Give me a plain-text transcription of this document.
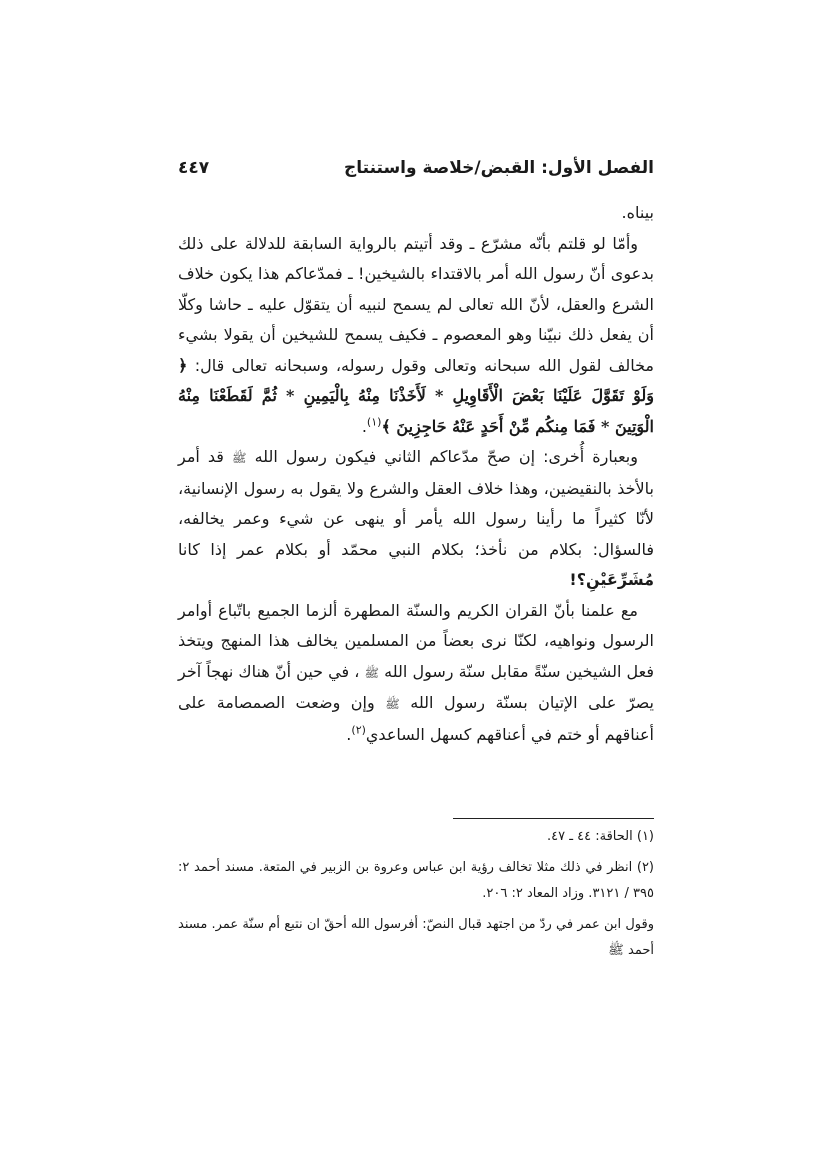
الفصل الأول: القبض/خلاصة واستنتاج
٤٤٧

بيناه.

وأمّا لو قلتم بأنّه مشرّع ـ وقد أتيتم بالرواية السابقة للدلالة على ذلك بدعوى أنّ رسول الله أمر بالاقتداء بالشيخين! ـ فمدّعاكم هذا يكون خلاف الشرع والعقل، لأنّ الله تعالى لم يسمح لنبيه أن يتقوّل عليه ـ حاشا وكلّا أن يفعل ذلك نبيّنا وهو المعصوم ـ فكيف يسمح للشيخين أن يقولا بشيء مخالف لقول الله سبحانه وتعالى وقول رسوله، وسبحانه تعالى قال: ﴿ وَلَوْ تَقَوَّلَ عَلَيْنَا بَعْضَ الْأَقَاوِيلِ * لَأَخَذْنَا مِنْهُ بِالْيَمِينِ * ثُمَّ لَقَطَعْنَا مِنْهُ الْوَتِينَ * فَمَا مِنكُم مِّنْ أَحَدٍ عَنْهُ حَاجِزِينَ ﴾$^{(١)}$.

وبعبارة أُخرى: إن صحّ مدّعاكم الثاني فيكون رسول الله ﷺ قد أمر بالأخذ بالنقيضين، وهذا خلاف العقل والشرع ولا يقول به رسول الإنسانية، لأنّا كثيراً ما رأينا رسول الله يأمر أو ينهى عن شيء وعمر يخالفه، فالسؤال: بكلام من نأخذ؛ بكلام النبي محمّد أو بكلام عمر إذا كانا مُشَرِّعَيْنِ؟!

مع علمنا بأنّ القران الكريم والسنّة المطهرة ألزما الجميع باتّباع أوامر الرسول ونواهيه، لكنّا نرى بعضاً من المسلمين يخالف هذا المنهج ويتخذ فعل الشيخين سنّةً مقابل سنّة رسول الله ﷺ ، في حين أنّ هناك نهجاً آخر يصرّ على الإتيان بسنّة رسول الله ﷺ وإن وضعت الصمصامة على أعناقهم أو ختم في أعناقهم كسهل الساعدي$^{(٢)}$.

(١) الحاقة: ٤٤ ـ ٤٧.

(٢) انظر في ذلك مثلا تخالف رؤية ابن عباس وعروة بن الزبير في المتعة. مسند أحمد ٢: ٣٩٥ / ٣١٢١. وزاد المعاد ٢: ٢٠٦.

وقول ابن عمر في ردّ من اجتهد قبال النصّ: أفرسول الله أحقّ ان نتبع أم سنّة عمر. مسند أحمد ﷺ
